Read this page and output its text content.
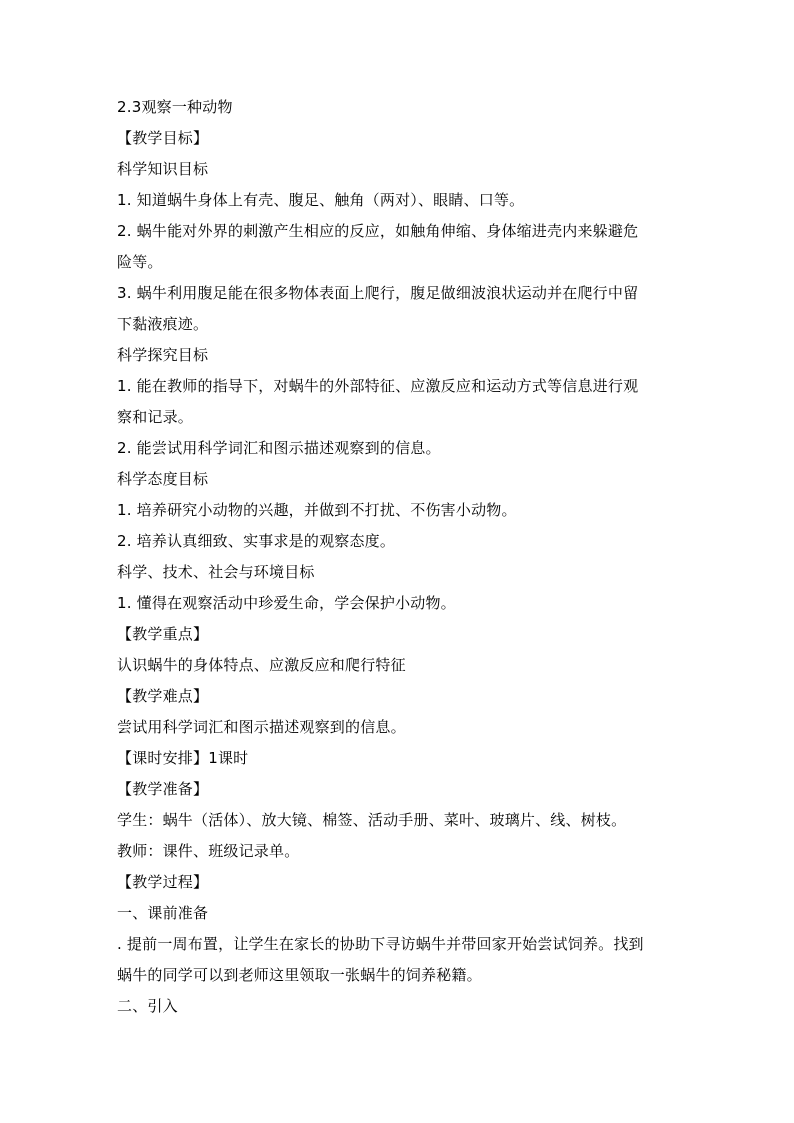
2.3观察一种动物
【教学目标】
科学知识目标
1. 知道蜗牛身体上有壳、腹足、触角（两对）、眼睛、口等。
2. 蜗牛能对外界的刺激产生相应的反应，如触角伸缩、身体缩进壳内来躲避危
险等。
3. 蜗牛利用腹足能在很多物体表面上爬行，腹足做细波浪状运动并在爬行中留
下黏液痕迹。
科学探究目标
1. 能在教师的指导下，对蜗牛的外部特征、应激反应和运动方式等信息进行观
察和记录。
2. 能尝试用科学词汇和图示描述观察到的信息。
科学态度目标
1. 培养研究小动物的兴趣，并做到不打扰、不伤害小动物。
2. 培养认真细致、实事求是的观察态度。
科学、技术、社会与环境目标
1. 懂得在观察活动中珍爱生命，学会保护小动物。
【教学重点】
认识蜗牛的身体特点、应激反应和爬行特征
【教学难点】
尝试用科学词汇和图示描述观察到的信息。
【课时安排】1课时
【教学准备】
学生：蜗牛（活体）、放大镜、棉签、活动手册、菜叶、玻璃片、线、树枝。
教师：课件、班级记录单。
【教学过程】
一、课前准备
. 提前一周布置，让学生在家长的协助下寻访蜗牛并带回家开始尝试饲养。找到
蜗牛的同学可以到老师这里领取一张蜗牛的饲养秘籍。
二、引入
